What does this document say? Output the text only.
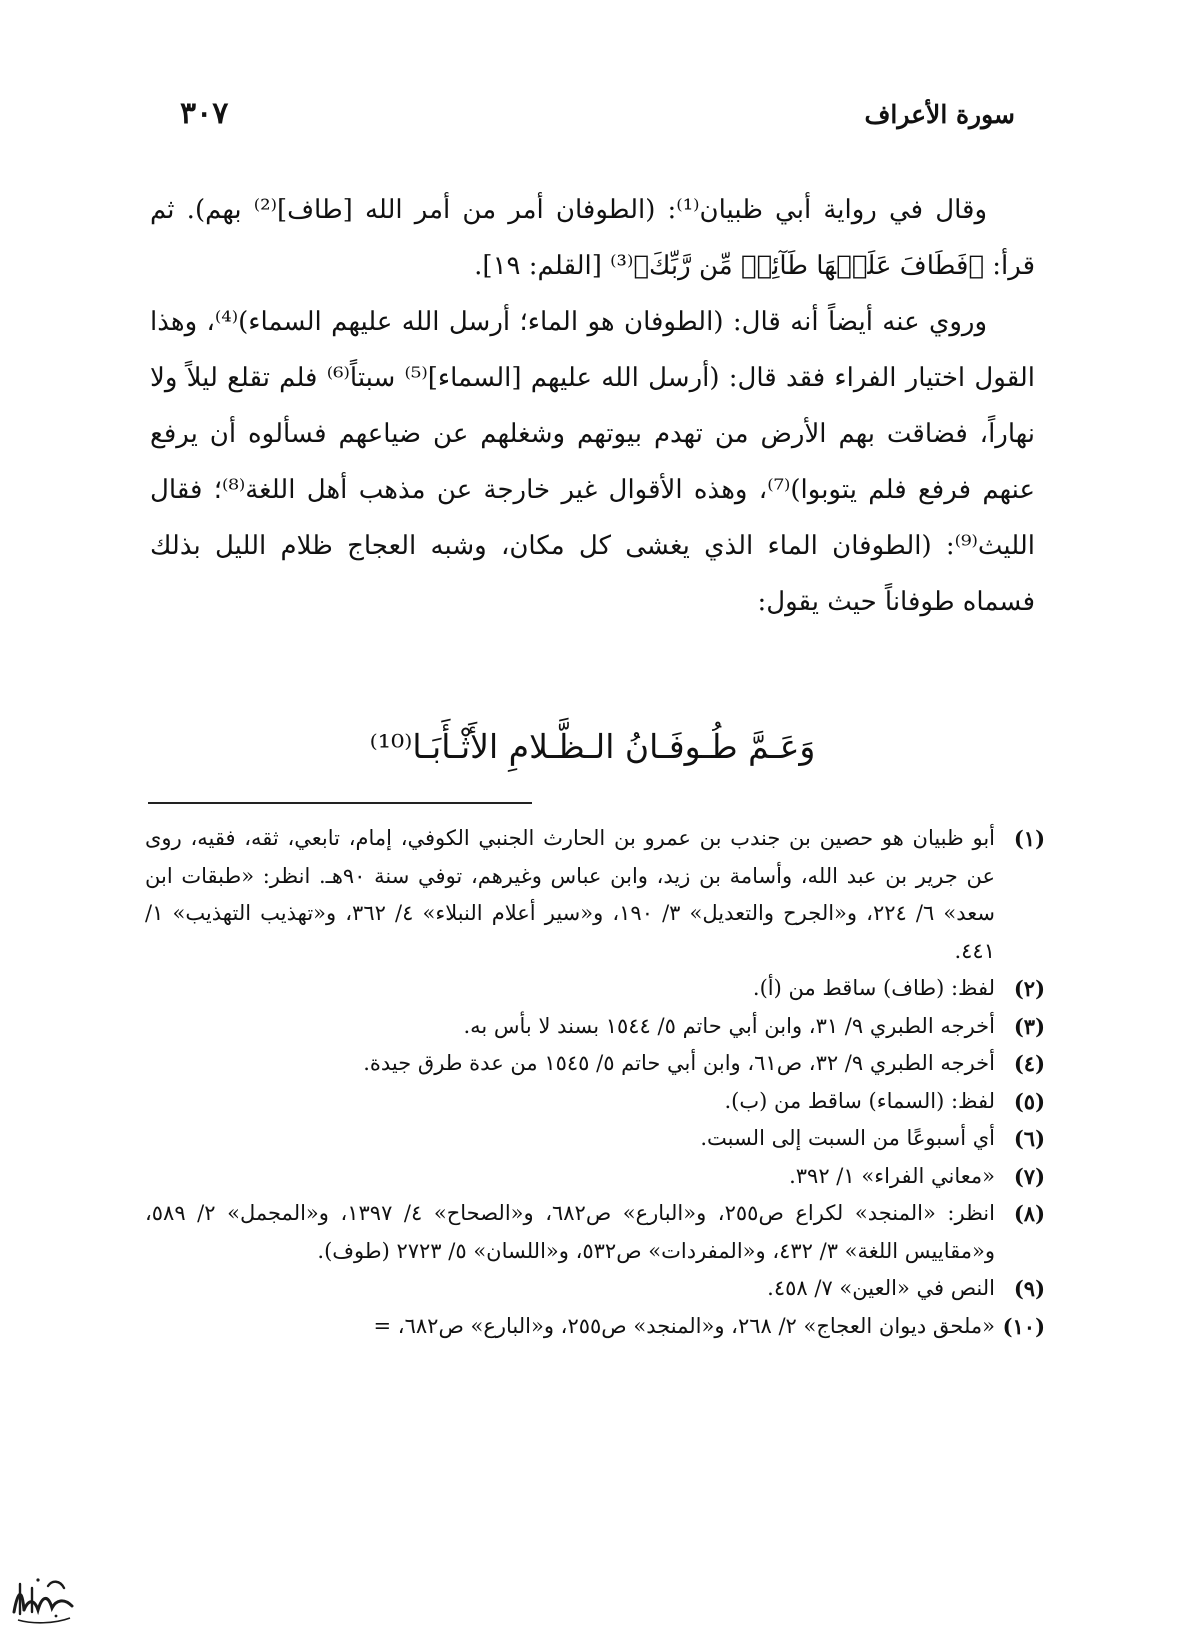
سورة الأعراف
٣٠٧

وقال في رواية أبي ظبيان⁽¹⁾: (الطوفان أمر من أمر الله [طاف]⁽²⁾ بهم). ثم قرأ: ﴿فَطَافَ عَلَيۡهَا طَآئِفٞ مِّن رَّبِّكَ﴾⁽³⁾ [القلم: ١٩].

وروي عنه أيضاً أنه قال: (الطوفان هو الماء؛ أرسل الله عليهم السماء)⁽⁴⁾، وهذا القول اختيار الفراء فقد قال: (أرسل الله عليهم [السماء]⁽⁵⁾ سبتاً⁽⁶⁾ فلم تقلع ليلاً ولا نهاراً، فضاقت بهم الأرض من تهدم بيوتهم وشغلهم عن ضياعهم فسألوه أن يرفع عنهم فرفع فلم يتوبوا)⁽⁷⁾، وهذه الأقوال غير خارجة عن مذهب أهل اللغة⁽⁸⁾؛ فقال الليث⁽⁹⁾: (الطوفان الماء الذي يغشى كل مكان، وشبه العجاج ظلام الليل بذلك فسماه طوفاناً حيث يقول:

وَعَـمَّ طُـوفَـانُ الـظَّـلامِ الأَثْـأَبَـا⁽¹⁰⁾
(١)
أبو ظبيان هو حصين بن جندب بن عمرو بن الحارث الجنبي الكوفي، إمام، تابعي، ثقه، فقيه، روى عن جرير بن عبد الله، وأسامة بن زيد، وابن عباس وغيرهم، توفي سنة ٩٠هـ. انظر: «طبقات ابن سعد» ٦/ ٢٢٤، و«الجرح والتعديل» ٣/ ١٩٠، و«سير أعلام النبلاء» ٤/ ٣٦٢، و«تهذيب التهذيب» ١/ ٤٤١.
(٢)
لفظ: (طاف) ساقط من (أ).
(٣)
أخرجه الطبري ٩/ ٣١، وابن أبي حاتم ٥/ ١٥٤٤ بسند لا بأس به.
(٤)
أخرجه الطبري ٩/ ٣٢، ص٦١، وابن أبي حاتم ٥/ ١٥٤٥ من عدة طرق جيدة.
(٥)
لفظ: (السماء) ساقط من (ب).
(٦)
أي أسبوعًا من السبت إلى السبت.
(٧)
«معاني الفراء» ١/ ٣٩٢.
(٨)
انظر: «المنجد» لكراع ص٢٥٥، و«البارع» ص٦٨٢، و«الصحاح» ٤/ ١٣٩٧، و«المجمل» ٢/ ٥٨٩، و«مقاييس اللغة» ٣/ ٤٣٢، و«المفردات» ص٥٣٢، و«اللسان» ٥/ ٢٧٢٣ (طوف).
(٩)
النص في «العين» ٧/ ٤٥٨.
(١٠)
«ملحق ديوان العجاج» ٢/ ٢٦٨، و«المنجد» ص٢٥٥، و«البارع» ص٦٨٢، =
